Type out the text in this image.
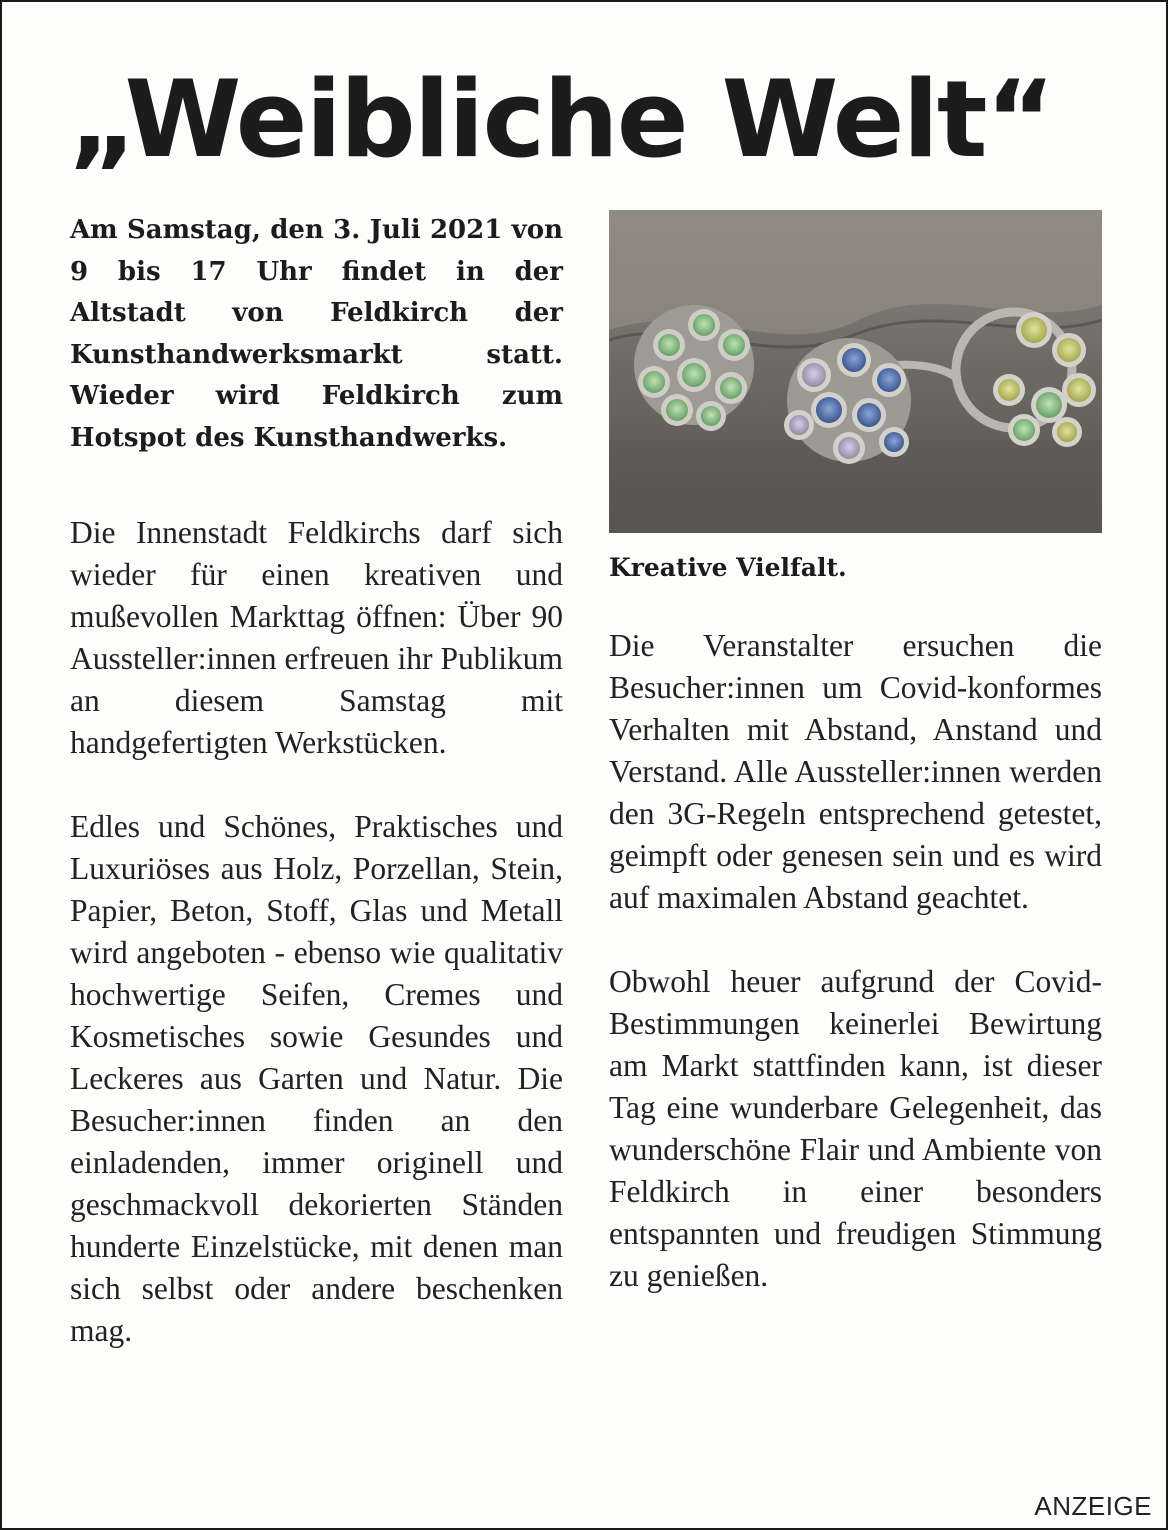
„Weibliche Welt“

Am Samstag, den 3. Juli 2021 von 9 bis 17 Uhr findet in der Altstadt von Feldkirch der Kunsthandwerksmarkt statt. Wieder wird Feldkirch zum Hotspot des Kunsthandwerks.

Die Innenstadt Feldkirchs darf sich wieder für einen kreativen und mußevollen Markttag öffnen: Über 90 Aussteller:innen erfreuen ihr Publikum an diesem Samstag mit handgefertigten Werkstücken.

Edles und Schönes, Praktisches und Luxuriöses aus Holz, Porzellan, Stein, Papier, Beton, Stoff, Glas und Metall wird angeboten - ebenso wie qualitativ hochwertige Seifen, Cremes und Kosmetisches sowie Gesundes und Leckeres aus Garten und Natur. Die Besucher:innen finden an den einladenden, immer originell und geschmackvoll dekorierten Ständen hunderte Einzelstücke, mit denen man sich selbst oder andere beschenken mag.

Kreative Vielfalt.

Die Veranstalter ersuchen die Besucher:innen um Covid-konformes Verhalten mit Abstand, Anstand und Verstand. Alle Aussteller:innen werden den 3G-Regeln entsprechend getestet, geimpft oder genesen sein und es wird auf maximalen Abstand geachtet.

Obwohl heuer aufgrund der Covid-Bestimmungen keinerlei Bewirtung am Markt stattfinden kann, ist dieser Tag eine wunderbare Gelegenheit, das wunderschöne Flair und Ambiente von Feldkirch in einer besonders entspannten und freudigen Stimmung zu genießen.

ANZEIGE
